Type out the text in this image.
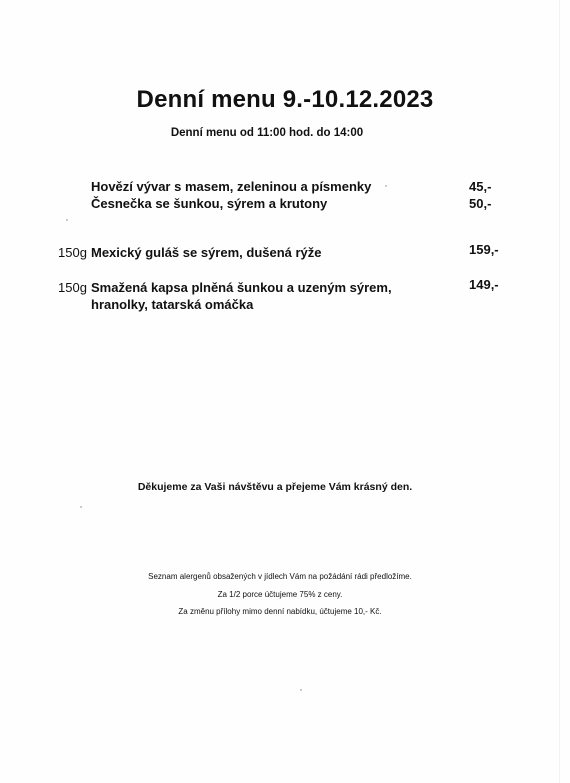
Denní menu 9.-10.12.2023
Denní menu od 11:00 hod. do 14:00
Hovězí vývar s masem, zeleninou a písmenky	45,-
Česnečka se šunkou, sýrem a krutony	50,-
150g Mexický guláš se sýrem, dušená rýže	159,-
150g Smažená kapsa plněná šunkou a uzeným sýrem,	149,-
hranolky, tatarská omáčka
Děkujeme za Vaši návštěvu a přejeme Vám krásný den.
Seznam alergenů obsažených v jídlech Vám na požádání rádi předložíme.
Za 1/2 porce účtujeme 75% z ceny.
Za změnu přílohy mimo denní nabídku, účtujeme 10,- Kč.
